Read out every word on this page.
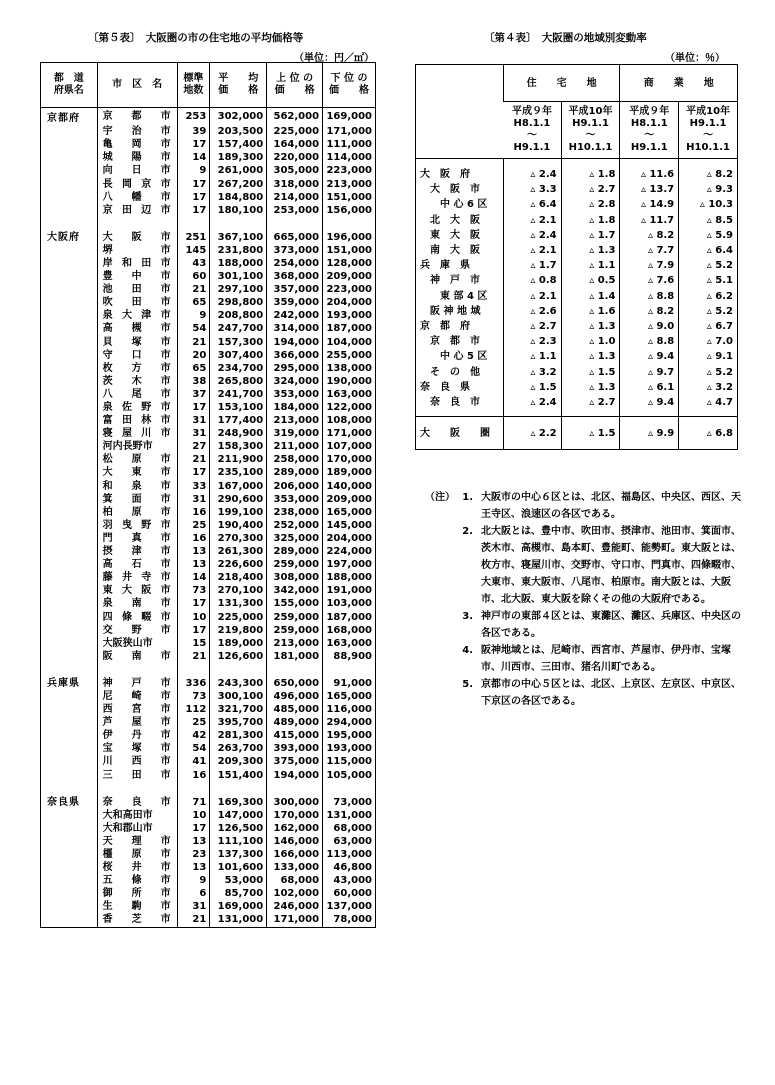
〔第５表〕　大阪圏の市の住宅地の平均価格等
（単位：円／㎡）
都　道
府県名	市　区　名	標準
地数	平　　均
価　　格	上 位 の
価　　格	下 位 の
価　　格
京都府	京 都 市	253	302,000	562,000	169,000

	宇 治 市	39	203,500	225,000	171,000

	亀 岡 市	17	157,400	164,000	111,000

	城 陽 市	14	189,300	220,000	114,000

	向 日 市	9	261,000	305,000	223,000

	長 岡 京 市	17	267,200	318,000	213,000

	八 幡 市	17	184,800	214,000	151,000

	京 田 辺 市	17	180,100	253,000	156,000

大阪府	大 阪 市	251	367,100	665,000	196,000

	堺 市	145	231,800	373,000	151,000

	岸 和 田 市	43	188,000	254,000	128,000

	豊 中 市	60	301,100	368,000	209,000

	池 田 市	21	297,100	357,000	223,000

	吹 田 市	65	298,800	359,000	204,000

	泉 大 津 市	9	208,800	242,000	193,000

	高 槻 市	54	247,700	314,000	187,000

	貝 塚 市	21	157,300	194,000	104,000

	守 口 市	20	307,400	366,000	255,000

	枚 方 市	65	234,700	295,000	138,000

	茨 木 市	38	265,800	324,000	190,000

	八 尾 市	37	241,700	353,000	163,000

	泉 佐 野 市	17	153,100	184,000	122,000

	富 田 林 市	31	177,400	213,000	108,000

	寝 屋 川 市	31	248,900	319,000	171,000
	河内長野市	27	158,300	211,000	107,000

	松 原 市	21	211,900	258,000	170,000

	大 東 市	17	235,100	289,000	189,000

	和 泉 市	33	167,000	206,000	140,000

	箕 面 市	31	290,600	353,000	209,000

	柏 原 市	16	199,100	238,000	165,000

	羽 曳 野 市	25	190,400	252,000	145,000

	門 真 市	16	270,300	325,000	204,000

	摂 津 市	13	261,300	289,000	224,000

	高 石 市	13	226,600	259,000	197,000

	藤 井 寺 市	14	218,400	308,000	188,000

	東 大 阪 市	73	270,100	342,000	191,000

	泉 南 市	17	131,300	155,000	103,000

	四 條 畷 市	10	225,000	259,000	187,000

	交 野 市	17	219,800	259,000	168,000
	大阪狭山市	15	189,000	213,000	163,000

	阪 南 市	21	126,600	181,000	88,900

兵庫県	神 戸 市	336	243,300	650,000	91,000

	尼 崎 市	73	300,100	496,000	165,000

	西 宮 市	112	321,700	485,000	116,000

	芦 屋 市	25	395,700	489,000	294,000

	伊 丹 市	42	281,300	415,000	195,000

	宝 塚 市	54	263,700	393,000	193,000

	川 西 市	41	209,300	375,000	115,000

	三 田 市	16	151,400	194,000	105,000

奈良県	奈 良 市	71	169,300	300,000	73,000
	大和高田市	10	147,000	170,000	131,000
	大和郡山市	17	126,500	162,000	68,000

	天 理 市	13	111,100	146,000	63,000

	橿 原 市	23	137,300	166,000	113,000

	桜 井 市	13	101,600	133,000	46,800

	五 條 市	9	53,000	68,000	43,000

	御 所 市	6	85,700	102,000	60,000

	生 駒 市	31	169,000	246,000	137,000

	香 芝 市	21	131,000	171,000	78,000
〔第４表〕　大阪圏の地域別変動率
（単位：％）
	住　　宅　　地		商　　業　　地	
	平成９年
H8.1.1
〜
H9.1.1	平成10年
H9.1.1
〜
H10.1.1	平成９年
H8.1.1
〜
H9.1.1	平成10年
H9.1.1
〜
H10.1.1

大　阪　府	▵ 2.4	▵ 1.8	▵ 11.6	▵ 8.2
大　阪　市	▵ 3.3	▵ 2.7	▵ 13.7	▵ 9.3
中 心 6 区	▵ 6.4	▵ 2.8	▵ 14.9	▵ 10.3
北　大　阪	▵ 2.1	▵ 1.8	▵ 11.7	▵ 8.5
東　大　阪	▵ 2.4	▵ 1.7	▵ 8.2	▵ 5.9
南　大　阪	▵ 2.1	▵ 1.3	▵ 7.7	▵ 6.4
兵　庫　県	▵ 1.7	▵ 1.1	▵ 7.9	▵ 5.2
神　戸　市	▵ 0.8	▵ 0.5	▵ 7.6	▵ 5.1
東 部 4 区	▵ 2.1	▵ 1.4	▵ 8.8	▵ 6.2
阪 神 地 域	▵ 2.6	▵ 1.6	▵ 8.2	▵ 5.2
京　都　府	▵ 2.7	▵ 1.3	▵ 9.0	▵ 6.7
京　都　市	▵ 2.3	▵ 1.0	▵ 8.8	▵ 7.0
中 心 5 区	▵ 1.1	▵ 1.3	▵ 9.4	▵ 9.1
そ　の　他	▵ 3.2	▵ 1.5	▵ 9.7	▵ 5.2
奈　良　県	▵ 1.5	▵ 1.3	▵ 6.1	▵ 3.2
奈　良　市	▵ 2.4	▵ 2.7	▵ 9.4	▵ 4.7

大　　阪　　圏	▵ 2.2	▵ 1.5	▵ 9.9	▵ 6.8
（注） 1. 大阪市の中心６区とは、北区、福島区、中央区、西区、天王寺区、浪速区の各区である。
2. 北大阪とは、豊中市、吹田市、摂津市、池田市、箕面市、茨木市、高槻市、島本町、豊能町、能勢町。東大阪とは、枚方市、寝屋川市、交野市、守口市、門真市、四條畷市、大東市、東大阪市、八尾市、柏原市。南大阪とは、大阪市、北大阪、東大阪を除くその他の大阪府である。
3. 神戸市の東部４区とは、東灘区、灘区、兵庫区、中央区の各区である。
4. 阪神地域とは、尼崎市、西宮市、芦屋市、伊丹市、宝塚市、川西市、三田市、猪名川町である。
5. 京都市の中心５区とは、北区、上京区、左京区、中京区、下京区の各区である。
